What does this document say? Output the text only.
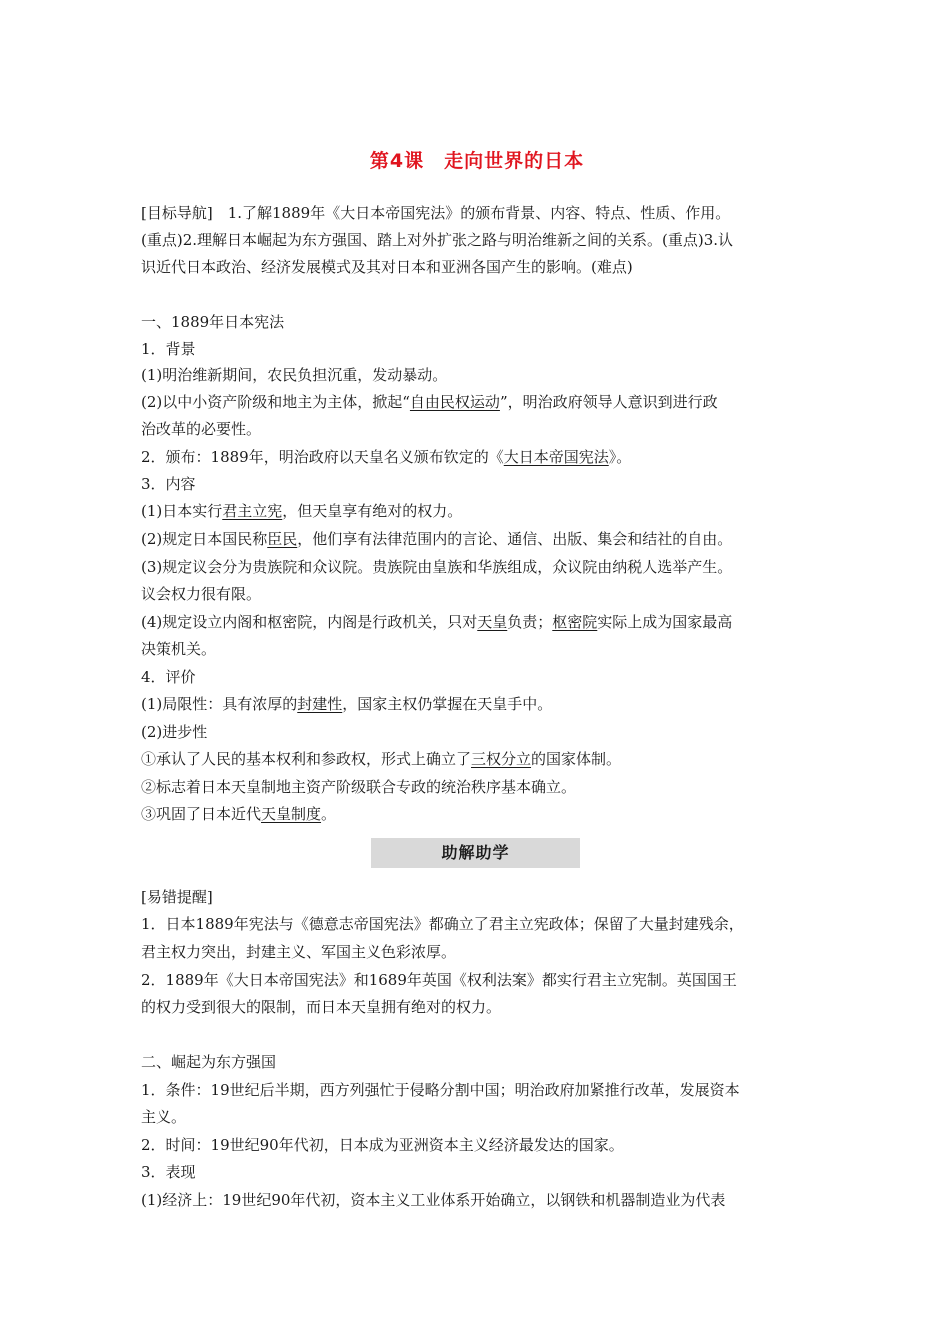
第4课　走向世界的日本
[目标导航]　1.了解1889年《大日本帝国宪法》的颁布背景、内容、特点、性质、作用。
(重点)2.理解日本崛起为东方强国、踏上对外扩张之路与明治维新之间的关系。(重点)3.认
识近代日本政治、经济发展模式及其对日本和亚洲各国产生的影响。(难点)
一、1889年日本宪法
1．背景
(1)明治维新期间，农民负担沉重，发动暴动。
(2)以中小资产阶级和地主为主体，掀起“自由民权运动”，明治政府领导人意识到进行政
治改革的必要性。
2．颁布：1889年，明治政府以天皇名义颁布钦定的《大日本帝国宪法》。
3．内容
(1)日本实行君主立宪，但天皇享有绝对的权力。
(2)规定日本国民称臣民，他们享有法律范围内的言论、通信、出版、集会和结社的自由。
(3)规定议会分为贵族院和众议院。贵族院由皇族和华族组成，众议院由纳税人选举产生。
议会权力很有限。
(4)规定设立内阁和枢密院，内阁是行政机关，只对天皇负责；枢密院实际上成为国家最高
决策机关。
4．评价
(1)局限性：具有浓厚的封建性，国家主权仍掌握在天皇手中。
(2)进步性
①承认了人民的基本权利和参政权，形式上确立了三权分立的国家体制。
②标志着日本天皇制地主资产阶级联合专政的统治秩序基本确立。
③巩固了日本近代天皇制度。
助解助学
[易错提醒]
1．日本1889年宪法与《德意志帝国宪法》都确立了君主立宪政体；保留了大量封建残余，
君主权力突出，封建主义、军国主义色彩浓厚。
2．1889年《大日本帝国宪法》和1689年英国《权利法案》都实行君主立宪制。英国国王
的权力受到很大的限制，而日本天皇拥有绝对的权力。
二、崛起为东方强国
1．条件：19世纪后半期，西方列强忙于侵略分割中国；明治政府加紧推行改革，发展资本
主义。
2．时间：19世纪90年代初，日本成为亚洲资本主义经济最发达的国家。
3．表现
(1)经济上：19世纪90年代初，资本主义工业体系开始确立，以钢铁和机器制造业为代表
